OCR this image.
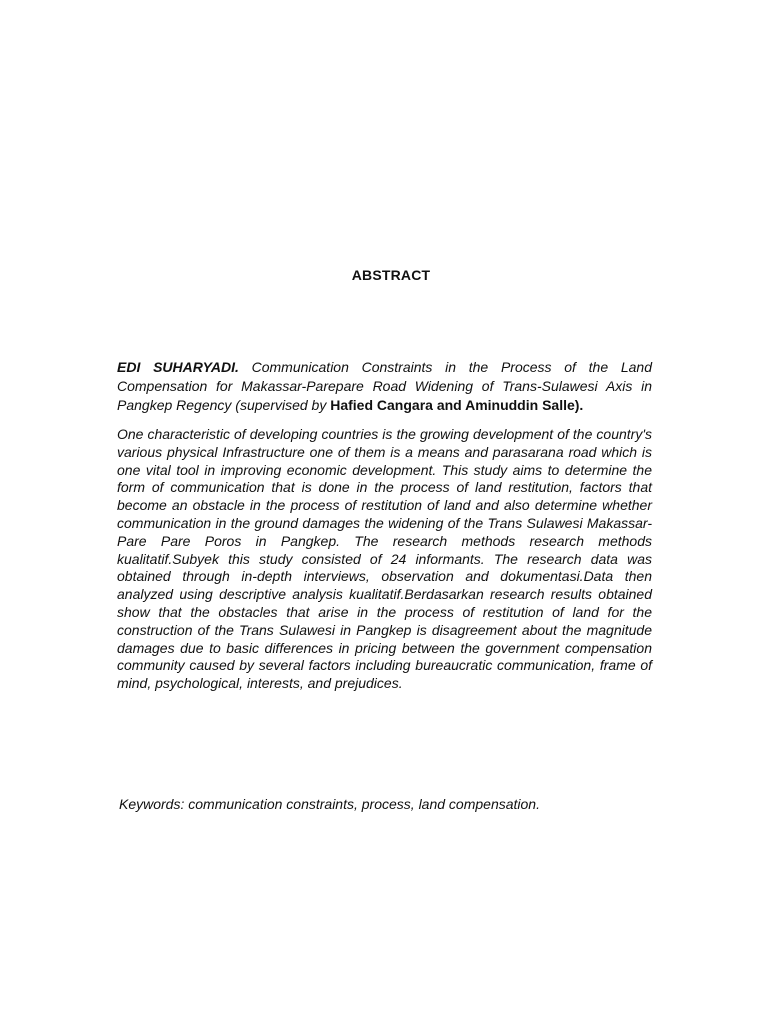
ABSTRACT
EDI SUHARYADI. Communication Constraints in the Process of the Land Compensation for Makassar-Parepare Road Widening of Trans-Sulawesi Axis in Pangkep Regency (supervised by Hafied Cangara and Aminuddin Salle).
One characteristic of developing countries is the growing development of the country's various physical Infrastructure one of them is a means and parasarana road which is one vital tool in improving economic development. This study aims to determine the form of communication that is done in the process of land restitution, factors that become an obstacle in the process of restitution of land and also determine whether communication in the ground damages the widening of the Trans Sulawesi Makassar-Pare Pare Poros in Pangkep. The research methods research methods kualitatif.Subyek this study consisted of 24 informants. The research data was obtained through in-depth interviews, observation and dokumentasi.Data then analyzed using descriptive analysis kualitatif.Berdasarkan research results obtained show that the obstacles that arise in the process of restitution of land for the construction of the Trans Sulawesi in Pangkep is disagreement about the magnitude damages due to basic differences in pricing between the government compensation community caused by several factors including bureaucratic communication, frame of mind, psychological, interests, and prejudices.
Keywords: communication constraints, process, land compensation.
